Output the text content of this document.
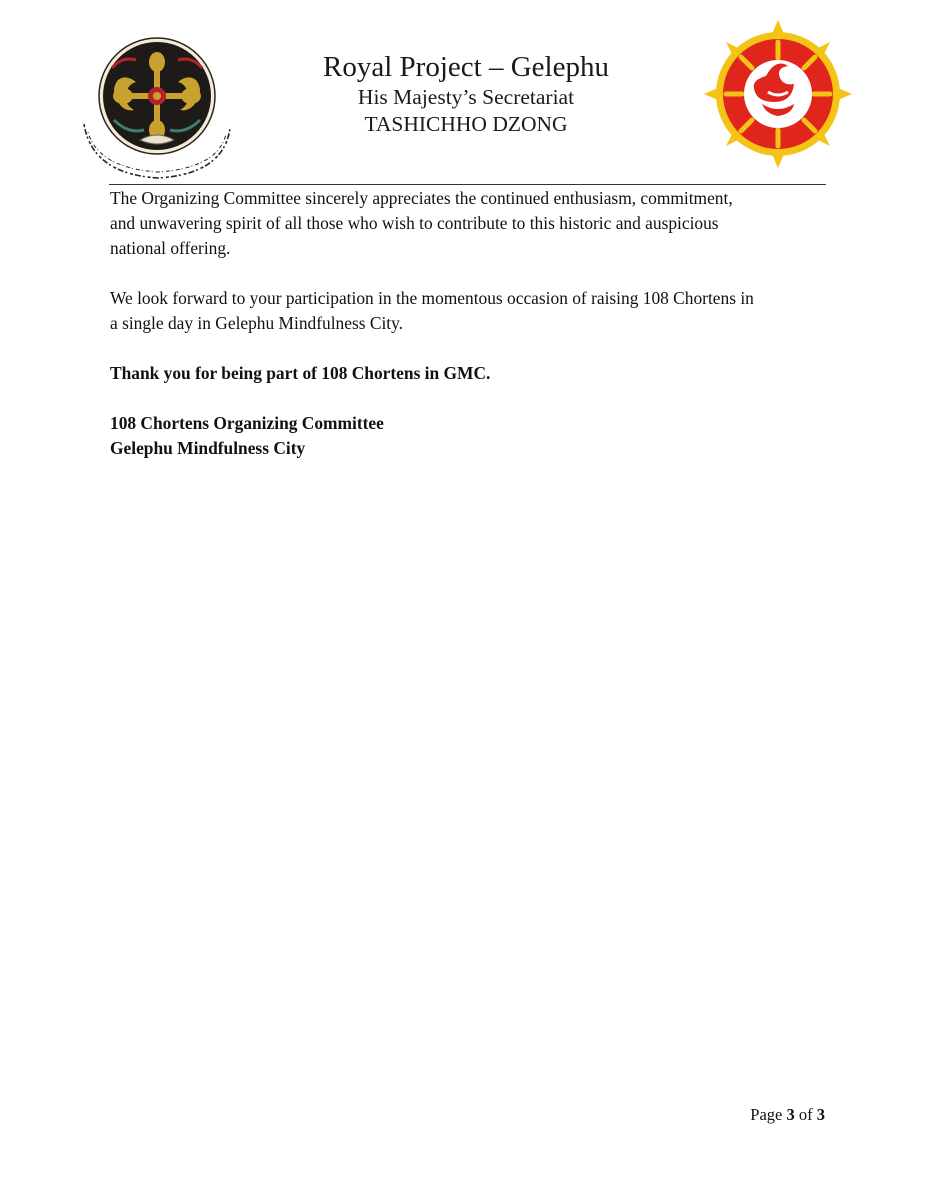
Royal Project – Gelephu
His Majesty’s Secretariat
TASHICHHO DZONG

The Organizing Committee sincerely appreciates the continued enthusiasm, commitment,
and unwavering spirit of all those who wish to contribute to this historic and auspicious
national offering.

We look forward to your participation in the momentous occasion of raising 108 Chortens in
a single day in Gelephu Mindfulness City.

Thank you for being part of 108 Chortens in GMC.

108 Chortens Organizing Committee
Gelephu Mindfulness City

Page 3 of 3
